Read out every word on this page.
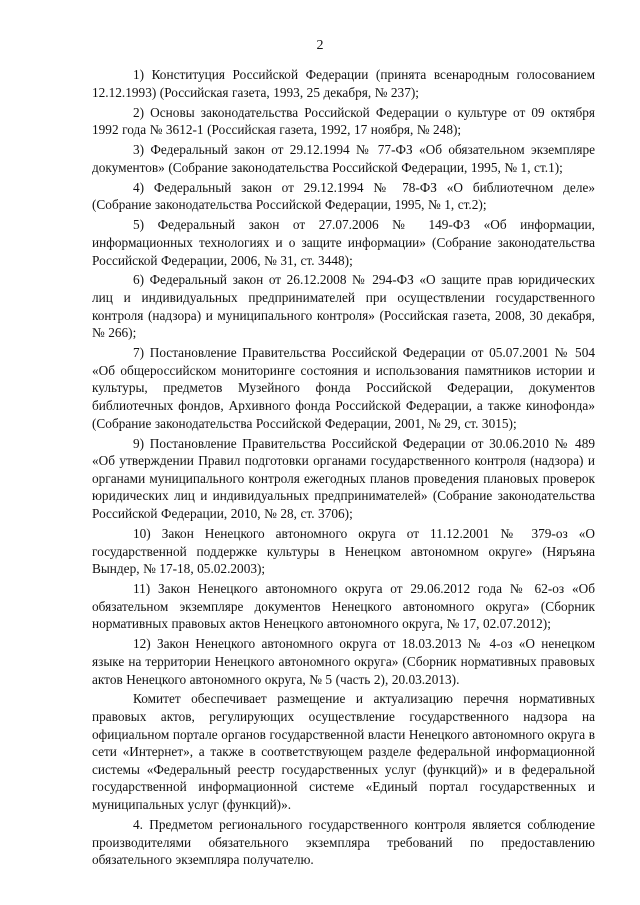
2

1) Конституция Российской Федерации (принята всенародным голосованием 12.12.1993) (Российская газета, 1993, 25 декабря, № 237);

2) Основы законодательства Российской Федерации о культуре от 09 октября 1992 года № 3612-1 (Российская газета, 1992, 17 ноября, № 248);

3) Федеральный закон от 29.12.1994 № 77-ФЗ «Об обязательном экземпляре документов» (Собрание законодательства Российской Федерации, 1995, № 1, ст.1);

4) Федеральный закон от 29.12.1994 № 78-ФЗ «О библиотечном деле» (Собрание законодательства Российской Федерации, 1995, № 1, ст.2);

5) Федеральный закон от 27.07.2006 № 149-ФЗ «Об информации, информационных технологиях и о защите информации» (Собрание законодательства Российской Федерации, 2006, № 31, ст. 3448);

6) Федеральный закон от 26.12.2008 № 294-ФЗ «О защите прав юридических лиц и индивидуальных предпринимателей при осуществлении государственного контроля (надзора) и муниципального контроля» (Российская газета, 2008, 30 декабря, № 266);

7) Постановление Правительства Российской Федерации от 05.07.2001 № 504 «Об общероссийском мониторинге состояния и использования памятников истории и культуры, предметов Музейного фонда Российской Федерации, документов библиотечных фондов, Архивного фонда Российской Федерации, а также кинофонда» (Собрание законодательства Российской Федерации, 2001, № 29, ст. 3015);

9) Постановление Правительства Российской Федерации от 30.06.2010 № 489 «Об утверждении Правил подготовки органами государственного контроля (надзора) и органами муниципального контроля ежегодных планов проведения плановых проверок юридических лиц и индивидуальных предпринимателей» (Собрание законодательства Российской Федерации, 2010, № 28, ст. 3706);

10) Закон Ненецкого автономного округа от 11.12.2001 № 379-оз «О государственной поддержке культуры в Ненецком автономном округе» (Няръяна Вындер, № 17-18, 05.02.2003);

11) Закон Ненецкого автономного округа от 29.06.2012 года № 62-оз «Об обязательном экземпляре документов Ненецкого автономного округа» (Сборник нормативных правовых актов Ненецкого автономного округа, № 17, 02.07.2012);

12) Закон Ненецкого автономного округа от 18.03.2013 № 4-оз «О ненецком языке на территории Ненецкого автономного округа» (Сборник нормативных правовых актов Ненецкого автономного округа, № 5 (часть 2), 20.03.2013).

Комитет обеспечивает размещение и актуализацию перечня нормативных правовых актов, регулирующих осуществление государственного надзора на официальном портале органов государственной власти Ненецкого автономного округа в сети «Интернет», а также в соответствующем разделе федеральной информационной системы «Федеральный реестр государственных услуг (функций)» и в федеральной государственной информационной системе «Единый портал государственных и муниципальных услуг (функций)».

4. Предметом регионального государственного контроля является соблюдение производителями обязательного экземпляра требований по предоставлению обязательного экземпляра получателю.
